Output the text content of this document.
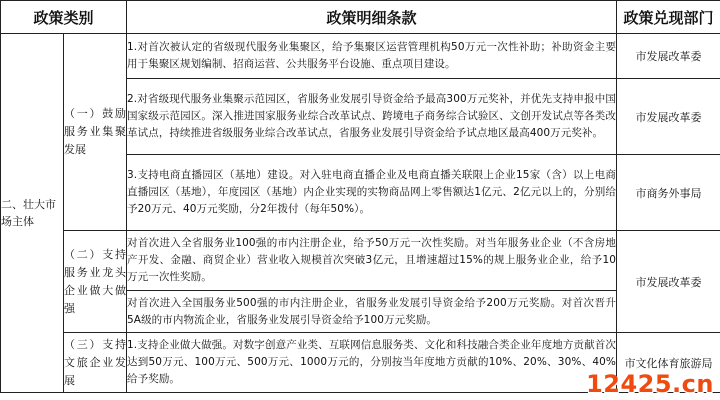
政策类别		政策明细条款	政策兑现部门
二、壮大市场主体	（一）鼓励服务业集聚发展	1.对首次被认定的省级现代服务业集聚区，给予集聚区运营管理机构50万元一次性补助；补助资金主要用于集聚区规划编制、招商运营、公共服务平台设施、重点项目建设。	市发展改革委
		2.对省级现代服务业集聚示范园区，省服务业发展引导资金给予最高300万元奖补，并优先支持申报中国国家级示范园区。深入推进国家服务业综合改革试点、跨境电子商务综合试验区、文创开发试点等各类改革试点，持续推进省级服务业综合改革试点，省服务业发展引导资金给予试点地区最高400万元奖补。	市发展改革委
		3.支持电商直播园区（基地）建设。对入驻电商直播企业及电商直播关联限上企业15家（含）以上电商直播园区（基地），年度园区（基地）内企业实现的实物商品网上零售额达1亿元、2亿元以上的，分别给予20万元、40万元奖励，分2年拨付（每年50%）。	市商务外事局
	（二）支持服务业龙头企业做大做强	对首次进入全省服务业100强的市内注册企业，给予50万元一次性奖励。对当年服务业企业（不含房地产开发、金融、商贸企业）营业收入规模首次突破3亿元，且增速超过15%的规上服务业企业，给予10万元一次性奖励。	市发展改革委
		对首次进入全国服务业500强的市内注册企业，省服务业发展引导资金给予200万元奖励。对首次晋升5A级的市内物流企业，省服务业发展引导资金给予100万元奖励。	
	（三）支持文旅企业发展	1.支持企业做大做强。对数字创意产业类、互联网信息服务类、文化和科技融合类企业年度地方贡献首次达到50万元、100万元、500万元、1000万元的，分别按当年度地方贡献的10%、20%、30%、40%给予奖励。	市文化体育旅游局
12425.cn
